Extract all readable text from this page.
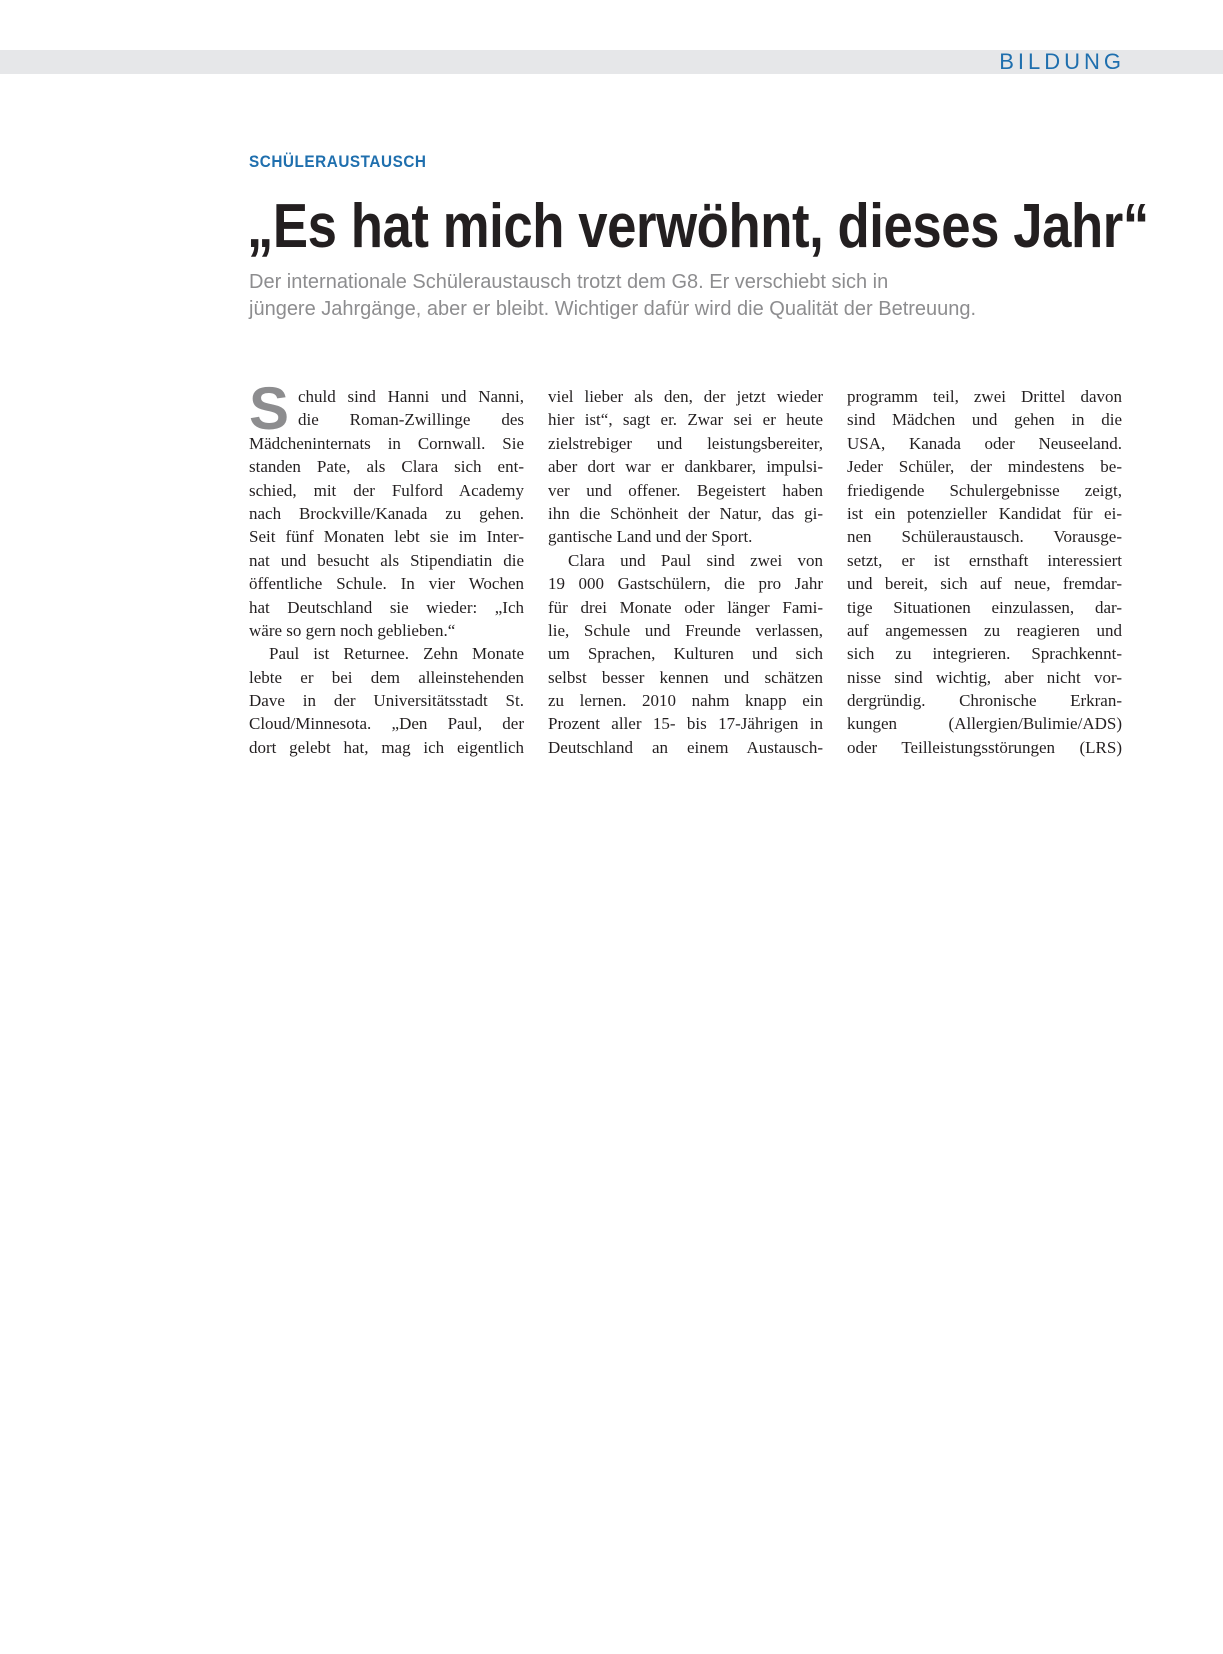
BILDUNG
SCHÜLERAUSTAUSCH
„Es hat mich verwöhnt, dieses Jahr“
Der internationale Schüleraustausch trotzt dem G8. Er verschiebt sich in
jüngere Jahrgänge, aber er bleibt. Wichtiger dafür wird die Qualität der Betreuung.
S chuld sind Hanni und Nanni,
die Roman-Zwillinge des
Mädcheninternats in Cornwall. Sie
standen Pate, als Clara sich ent-
schied, mit der Fulford Academy
nach Brockville/Kanada zu gehen.
Seit fünf Monaten lebt sie im Inter-
nat und besucht als Stipendiatin die
öffentliche Schule. In vier Wochen
hat Deutschland sie wieder: „Ich
wäre so gern noch geblieben.“
Paul ist Returnee. Zehn Monate
lebte er bei dem alleinstehenden
Dave in der Universitätsstadt St.
Cloud/Minnesota. „Den Paul, der
dort gelebt hat, mag ich eigentlich
viel lieber als den, der jetzt wieder
hier ist“, sagt er. Zwar sei er heute
zielstrebiger und leistungsbereiter,
aber dort war er dankbarer, impulsi-
ver und offener. Begeistert haben
ihn die Schönheit der Natur, das gi-
gantische Land und der Sport.
Clara und Paul sind zwei von
19 000 Gastschülern, die pro Jahr
für drei Monate oder länger Fami-
lie, Schule und Freunde verlassen,
um Sprachen, Kulturen und sich
selbst besser kennen und schätzen
zu lernen. 2010 nahm knapp ein
Prozent aller 15- bis 17-Jährigen in
Deutschland an einem Austausch-
programm teil, zwei Drittel davon
sind Mädchen und gehen in die
USA, Kanada oder Neuseeland.
Jeder Schüler, der mindestens be-
friedigende Schulergebnisse zeigt,
ist ein potenzieller Kandidat für ei-
nen Schüleraustausch. Vorausge-
setzt, er ist ernsthaft interessiert
und bereit, sich auf neue, fremdar-
tige Situationen einzulassen, dar-
auf angemessen zu reagieren und
sich zu integrieren. Sprachkennt-
nisse sind wichtig, aber nicht vor-
dergründig. Chronische Erkran-
kungen (Allergien/Bulimie/ADS)
oder Teilleistungsstörungen (LRS)
